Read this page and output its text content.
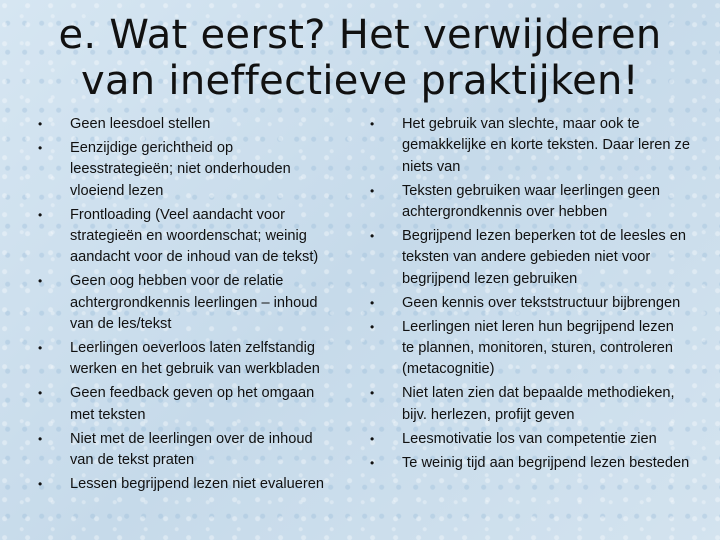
e. Wat eerst? Het verwijderen
van ineffectieve praktijken!
• Geen leesdoel stellen
• Eenzijdige gerichtheid op leesstrategieën; niet onderhouden vloeiend lezen
• Frontloading (Veel aandacht voor strategieën en woordenschat; weinig aandacht voor de inhoud van de tekst)
• Geen oog hebben voor de relatie achtergrondkennis leerlingen – inhoud van de les/tekst
• Leerlingen oeverloos laten zelfstandig werken en het gebruik van werkbladen
• Geen feedback geven op het omgaan met teksten
• Niet met de leerlingen over de inhoud van de tekst praten
• Lessen begrijpend lezen niet evalueren
• Het gebruik van slechte, maar ook te gemakkelijke en korte teksten. Daar leren ze niets van
• Teksten gebruiken waar leerlingen geen achtergrondkennis over hebben
• Begrijpend lezen beperken tot de leesles en teksten van andere gebieden niet voor begrijpend lezen gebruiken
• Geen kennis over tekststructuur bijbrengen
• Leerlingen niet leren hun begrijpend lezen te plannen, monitoren, sturen, controleren (metacognitie)
• Niet laten zien dat bepaalde methodieken, bijv. herlezen, profijt geven
• Leesmotivatie los van competentie zien
• Te weinig tijd aan begrijpend lezen besteden
